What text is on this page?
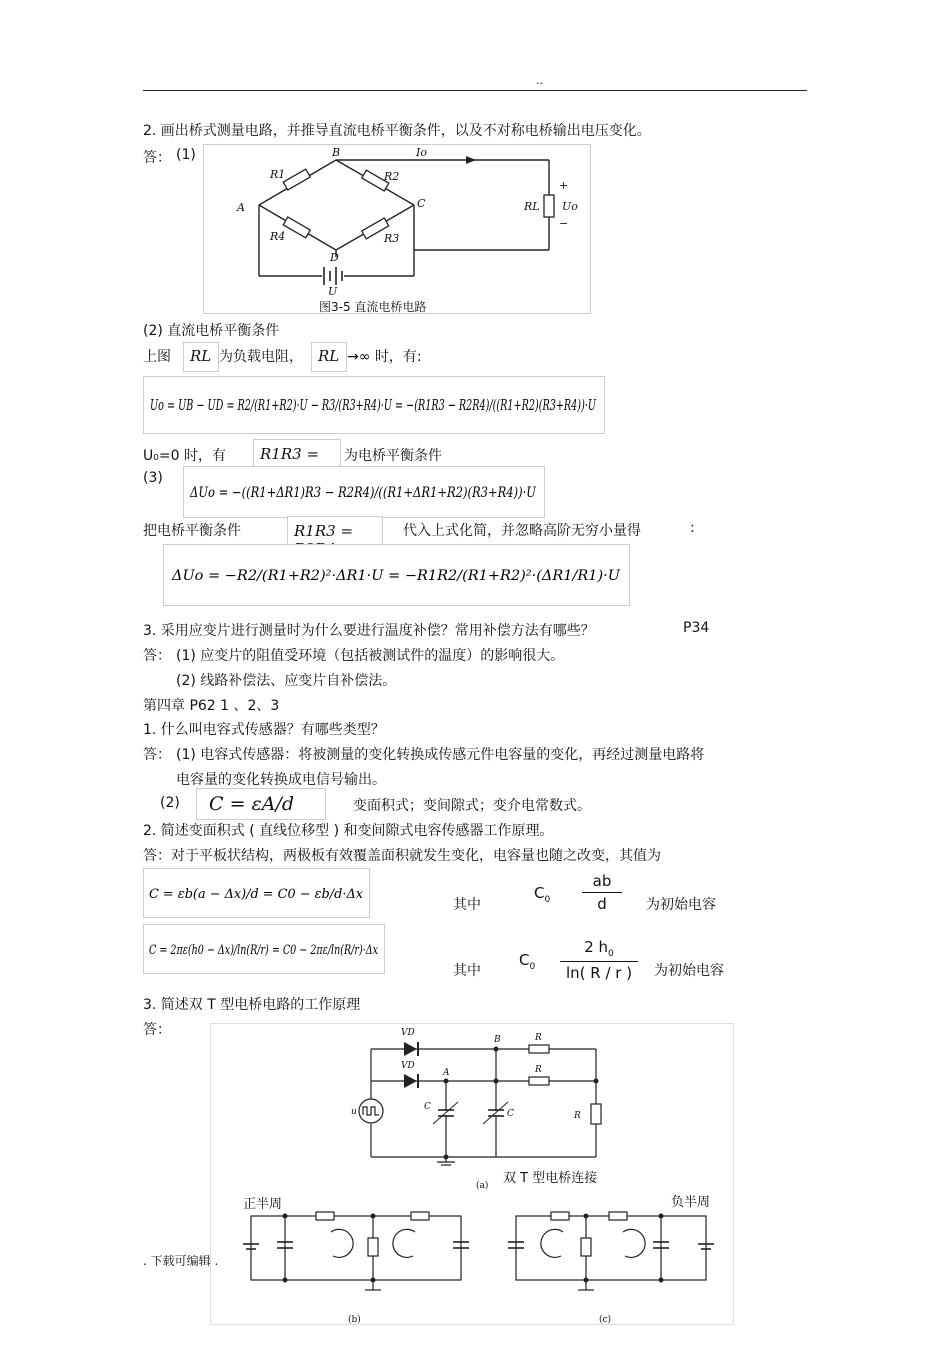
..
2. 画出桥式测量电路，并推导直流电桥平衡条件，以及不对称电桥输出电压变化。
答： (1)	B
A	C
D
R1	R2
R3
R4
RL
U
Io
Uo
+
−
图3-5 直流电桥电路
(2) 直流电桥平衡条件
上图	RL 为负载电阻，	RL →∞ 时，有:
Uo = UB − UD = R2/(R1+R2)·U − R3/(R3+R4)·U = −(R1R3 − R2R4)/((R1+R2)(R3+R4))·U
U₀=0 时，有	R1R3 =	为电桥平衡条件
(3)
ΔUo = −((R1+ΔR1)R3 − R2R4)/((R1+ΔR1+R2)(R3+R4))·U
把电桥平衡条件	R1R3 =	代入上式化简，并忽略高阶无穷小量得	:
ΔUo = −R2/(R1+R2)²·ΔR1·U = −R1R2/(R1+R2)²·(ΔR1/R1)·U
3. 采用应变片进行测量时为什么要进行温度补偿？常用补偿方法有哪些？	P34
答： (1) 应变片的阻值受环境（包括被测试件的温度）的影响很大。
(2) 线路补偿法、应变片自补偿法。
第四章 P62 1 、2、3
1. 什么叫电容式传感器？有哪些类型？
答： (1) 电容式传感器：将被测量的变化转换成传感元件电容量的变化，再经过测量电路将
电容量的变化转换成电信号输出。
(2)	C = εA/d	变面积式；变间隙式；变介电常数式。
2. 简述变面积式 ( 直线位移型 ) 和变间隙式电容传感器工作原理。
答：对于平板状结构，两极板有效覆盖面积就发生变化，电容量也随之改变，其值为
C = εb(a − Δx)/d = C0 − εb/d·Δx
其中
$C_0 \frac{ab}{d}$ 为初始电容
C = 2πε(h0 − Δx)/ln(R/r) = C0 − 2πε/ln(R/r)·Δx
其中
$C_0 \frac{2 h_0}{\ln( R / r )}$ 为初始电容
3. 简述双 T 型电桥电路的工作原理
答：	VD
VD
B
A
R
R
u	C
C	R
(a) 双 T 型电桥连接
正半周
(b)
负半周
(c)
. 下载可编辑 .
